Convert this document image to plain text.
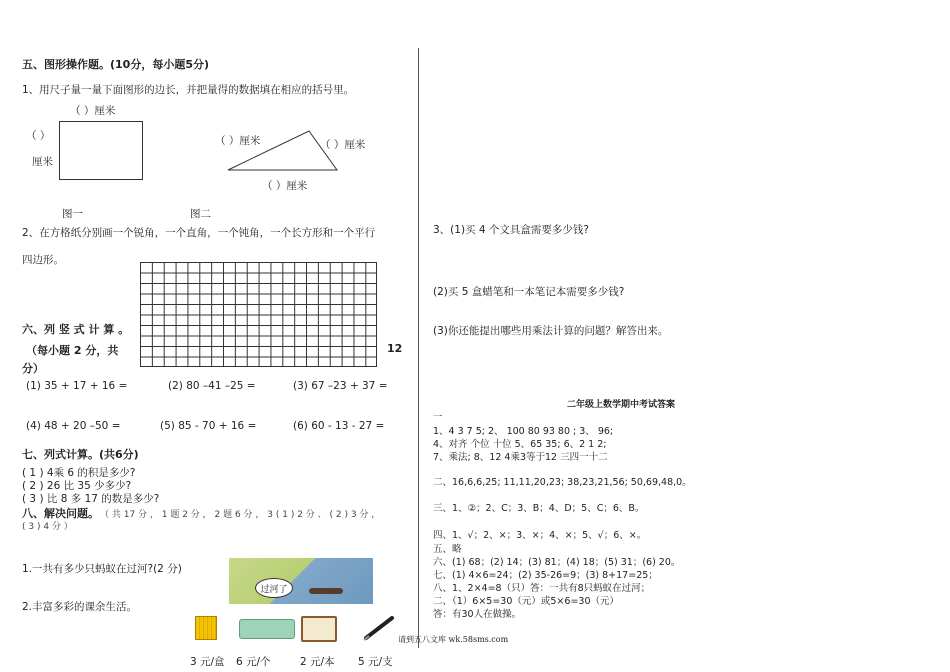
五、图形操作题。(10分，每小题5分)
1、用尺子量一量下面图形的边长，并把量得的数据填在相应的括号里。
（ ）厘米
（ ）
厘米
（ ）厘米	（ ）厘米
（ ）厘米
图一	图二
2、在方格纸分别画一个锐角，一个直角，一个钝角，一个长方形和一个平行
四边形。
六、列 竖 式 计 算 。
（每小题 2 分，共	12
分）
(1) 35 + 17 + 16 =	(2) 80 –41 –25 =	(3) 67 –23 + 37 =
(4) 48 + 20 –50 =	(5) 85 - 70 + 16 =	(6) 60 - 13 - 27 =
七、列式计算。(共6分)
( 1 ) 4乘 6 的积是多少?
( 2 ) 26 比 35 少多少?
( 3 ) 比 8 多 17 的数是多少?
八、解决问题。 （ 共 17 分 ， 1 题 2 分 ， 2 题 6 分 ， 3 ( 1 ) 2 分 、 ( 2 ) 3 分 ，
( 3 ) 4 分 ）
1.一共有多少只蚂蚁在过河?(2 分)
过河了
2.丰富多彩的课余生活。
3 元/盒 6 元/个	2 元/本 5 元/支
3、(1)买 4 个文具盒需要多少钱?
(2)买 5 盒蜡笔和一本笔记本需要多少钱?
(3)你还能提出哪些用乘法计算的问题？解答出来。
二年级上数学期中考试答案
一
1、4 3 7 5; 2、 100 80 93 80 ; 3、 96;
4、对齐 个位 十位 5、65 35; 6、2 1 2;
7、乘法; 8、12 4乘3等于12 三四一十二
二、16,6,6,25; 11,11,20,23; 38,23,21,56; 50,69,48,0。
三、1、②；2、C；3、B；4、D；5、C；6、B。
四、1、√；2、×；3、×；4、×；5、√；6、×。
五、略
六、(1) 68；(2) 14；(3) 81；(4) 18；(5) 31；(6) 20。
七、(1) 4×6=24；(2) 35-26=9；(3) 8+17=25；
八、1、2×4=8（只）答：一共有8只蚂蚁在过河；
二、（1）6×5=30（元）或5×6=30（元）
答：有30人在做操。
请到五八文库 wk.58sms.com
